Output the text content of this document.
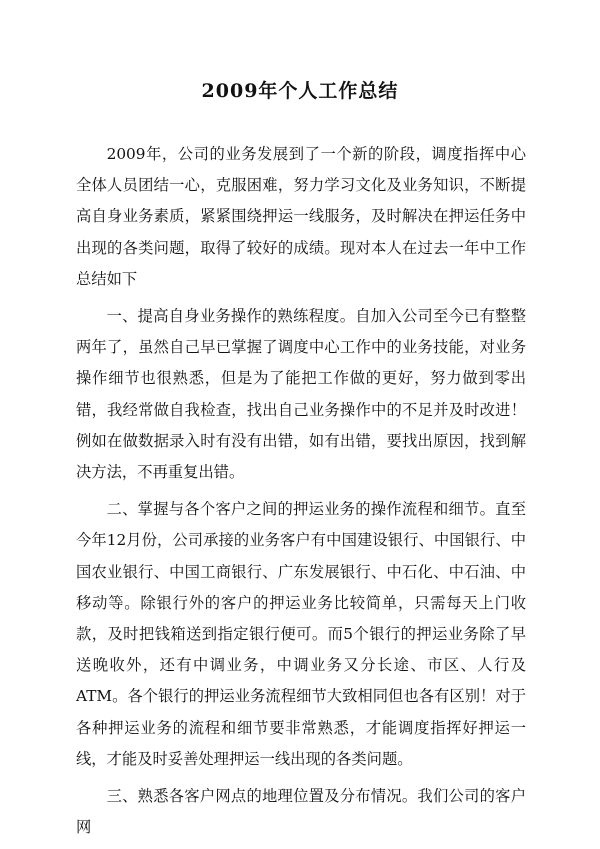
2009年个人工作总结

2009年，公司的业务发展到了一个新的阶段，调度指挥中心全体人员团结一心，克服困难，努力学习文化及业务知识，不断提高自身业务素质，紧紧围绕押运一线服务，及时解决在押运任务中出现的各类问题，取得了较好的成绩。现对本人在过去一年中工作总结如下

一、提高自身业务操作的熟练程度。自加入公司至今已有整整两年了，虽然自己早已掌握了调度中心工作中的业务技能，对业务操作细节也很熟悉，但是为了能把工作做的更好，努力做到零出错，我经常做自我检查，找出自己业务操作中的不足并及时改进！例如在做数据录入时有没有出错，如有出错，要找出原因，找到解决方法，不再重复出错。

二、掌握与各个客户之间的押运业务的操作流程和细节。直至今年12月份，公司承接的业务客户有中国建设银行、中国银行、中国农业银行、中国工商银行、广东发展银行、中石化、中石油、中移动等。除银行外的客户的押运业务比较简单，只需每天上门收款，及时把钱箱送到指定银行便可。而5个银行的押运业务除了早送晚收外，还有中调业务，中调业务又分长途、市区、人行及ATM。各个银行的押运业务流程细节大致相同但也各有区别！对于各种押运业务的流程和细节要非常熟悉，才能调度指挥好押运一线，才能及时妥善处理押运一线出现的各类问题。

三、熟悉各客户网点的地理位置及分布情况。我们公司的客户网
